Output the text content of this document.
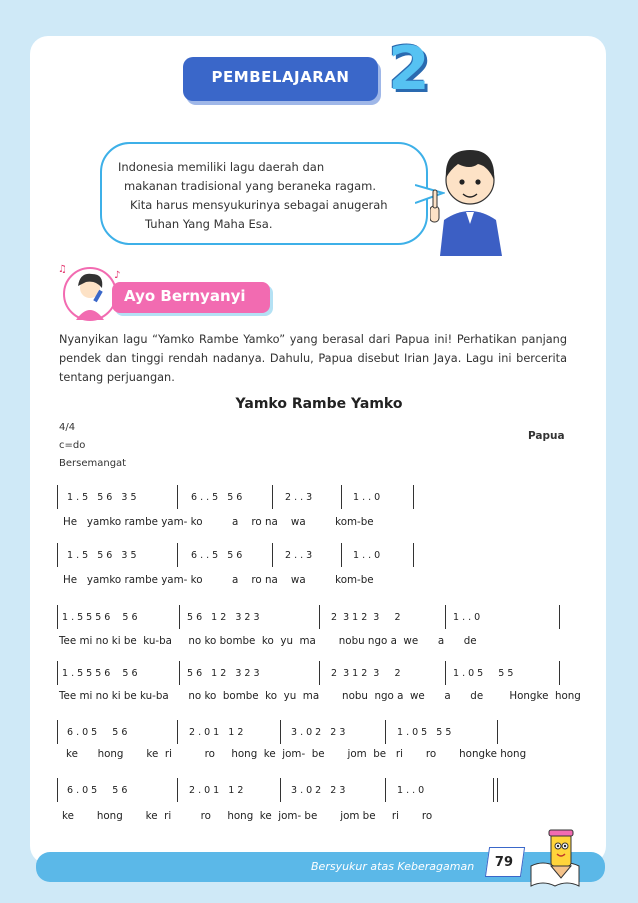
PEMBELAJARAN 2
Indonesia memiliki lagu daerah dan
makanan tradisional yang beraneka ragam.
Kita harus mensyukurinya sebagai anugerah
Tuhan Yang Maha Esa.
♫
♪
Ayo Bernyanyi
Nyanyikan lagu “Yamko Rambe Yamko” yang berasal dari Papua ini! Perhatikan panjang pendek dan tinggi rendah nadanya. Dahulu, Papua disebut Irian Jaya. Lagu ini bercerita tentang perjuangan.
Yamko Rambe Yamko
4/4
c=do
Bersemangat
Papua
1 . 5   5 6   3 5	6 . . 5   5 6	2 . . 3	1 . . 0
He   yamko rambe yam- ko         a    ro na    wa         kom-be
1 . 5   5 6   3 5	6 . . 5   5 6	2 . . 3	1 . . 0
He   yamko rambe yam- ko         a    ro na    wa         kom-be
1 . 5 5 5 6    5 6	5 6   1 2   3 2 3	2  3 1 2  3     2	1 . . 0
Tee mi no ki be  ku-ba     no ko bombe  ko  yu  ma       nobu ngo a  we      a      de
1 . 5 5 5 6    5 6	5 6   1 2   3 2 3	2  3 1 2  3     2	1 . 0 5     5 5
Tee mi no ki be ku-ba      no ko  bombe  ko  yu  ma       nobu  ngo a  we      a      de        Hongke  hong
6 . 0 5     5 6	2 . 0 1   1 2	3 . 0 2   2 3	1 . 0 5   5 5
ke      hong       ke  ri          ro     hong  ke  jom-  be       jom  be   ri       ro       hongke hong
6 . 0 5     5 6	2 . 0 1   1 2	3 . 0 2   2 3	1 . . 0
ke       hong       ke  ri         ro     hong  ke  jom- be       jom be     ri       ro
Bersyukur atas Keberagaman 79
